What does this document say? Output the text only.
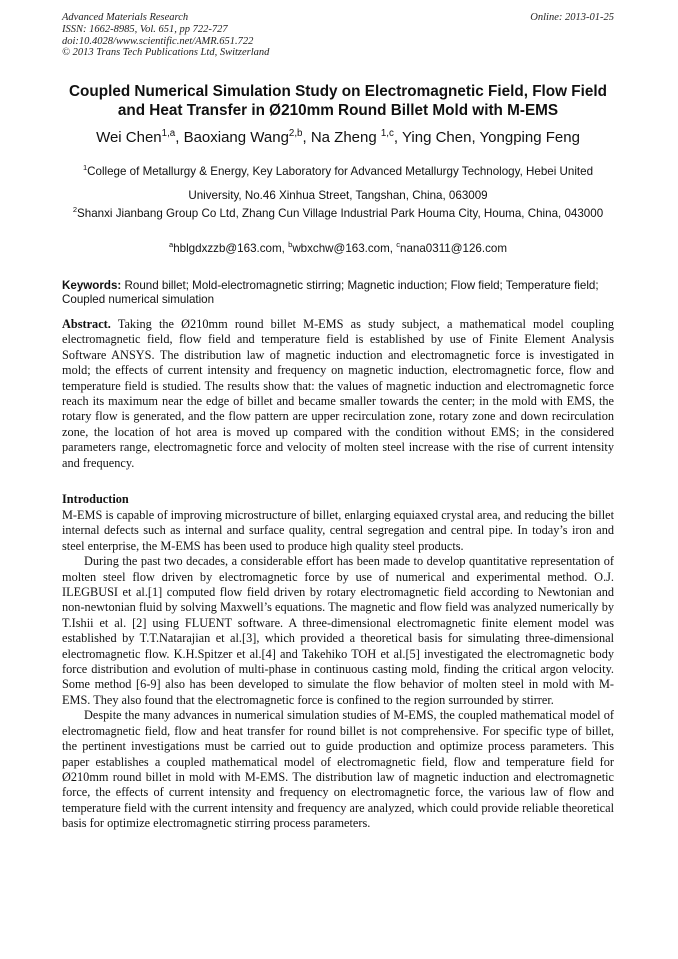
Advanced Materials Research
ISSN: 1662-8985, Vol. 651, pp 722-727
doi:10.4028/www.scientific.net/AMR.651.722
© 2013 Trans Tech Publications Ltd, Switzerland
Online: 2013-01-25
Coupled Numerical Simulation Study on Electromagnetic Field, Flow Field and Heat Transfer in Ø210mm Round Billet Mold with M-EMS
Wei Chen$^{1,a}$, Baoxiang Wang$^{2,b}$, Na Zheng $^{1,c}$, Ying Chen, Yongping Feng
$^1$College of Metallurgy & Energy, Key Laboratory for Advanced Metallurgy Technology, Hebei United University, No.46 Xinhua Street, Tangshan, China, 063009
$^2$Shanxi Jianbang Group Co Ltd, Zhang Cun Village Industrial Park Houma City, Houma, China, 043000
$^a$hblgdxzzb@163.com, $^b$wbxchw@163.com, $^c$nana0311@126.com
Keywords: Round billet; Mold-electromagnetic stirring; Magnetic induction; Flow field; Temperature field; Coupled numerical simulation
Abstract. Taking the Ø210mm round billet M-EMS as study subject, a mathematical model coupling electromagnetic field, flow field and temperature field is established by use of Finite Element Analysis Software ANSYS. The distribution law of magnetic induction and electromagnetic force is investigated in mold; the effects of current intensity and frequency on magnetic induction, electromagnetic force, flow and temperature field is studied. The results show that: the values of magnetic induction and electromagnetic force reach its maximum near the edge of billet and became smaller towards the center; in the mold with EMS, the rotary flow is generated, and the flow pattern are upper recirculation zone, rotary zone and down recirculation zone, the location of hot area is moved up compared with the condition without EMS; in the considered parameters range, electromagnetic force and velocity of molten steel increase with the rise of current intensity and frequency.
Introduction
M-EMS is capable of improving microstructure of billet, enlarging equiaxed crystal area, and reducing the billet internal defects such as internal and surface quality, central segregation and central pipe. In today’s iron and steel enterprise, the M-EMS has been used to produce high quality steel products.
During the past two decades, a considerable effort has been made to develop quantitative representation of molten steel flow driven by electromagnetic force by use of numerical and experimental method. O.J. ILEGBUSI et al.[1] computed flow field driven by rotary electromagnetic field according to Newtonian and non-newtonian fluid by solving Maxwell’s equations. The magnetic and flow field was analyzed numerically by T.Ishii et al. [2] using FLUENT software. A three-dimensional electromagnetic finite element model was established by T.T.Natarajian et al.[3], which provided a theoretical basis for simulating three-dimensional electromagnetic flow. K.H.Spitzer et al.[4] and Takehiko TOH et al.[5] investigated the electromagnetic body force distribution and evolution of multi-phase in continuous casting mold, finding the critical argon velocity. Some method [6-9] also has been developed to simulate the flow behavior of molten steel in mold with M-EMS. They also found that the electromagnetic force is confined to the region surrounded by stirrer.
Despite the many advances in numerical simulation studies of M-EMS, the coupled mathematical model of electromagnetic field, flow and heat transfer for round billet is not comprehensive. For specific type of billet, the pertinent investigations must be carried out to guide production and optimize process parameters. This paper establishes a coupled mathematical model of electromagnetic field, flow and temperature field for Ø210mm round billet in mold with M-EMS. The distribution law of magnetic induction and electromagnetic force, the effects of current intensity and frequency on electromagnetic force, the various law of flow and temperature field with the current intensity and frequency are analyzed, which could provide reliable theoretical basis for optimize electromagnetic stirring process parameters.
